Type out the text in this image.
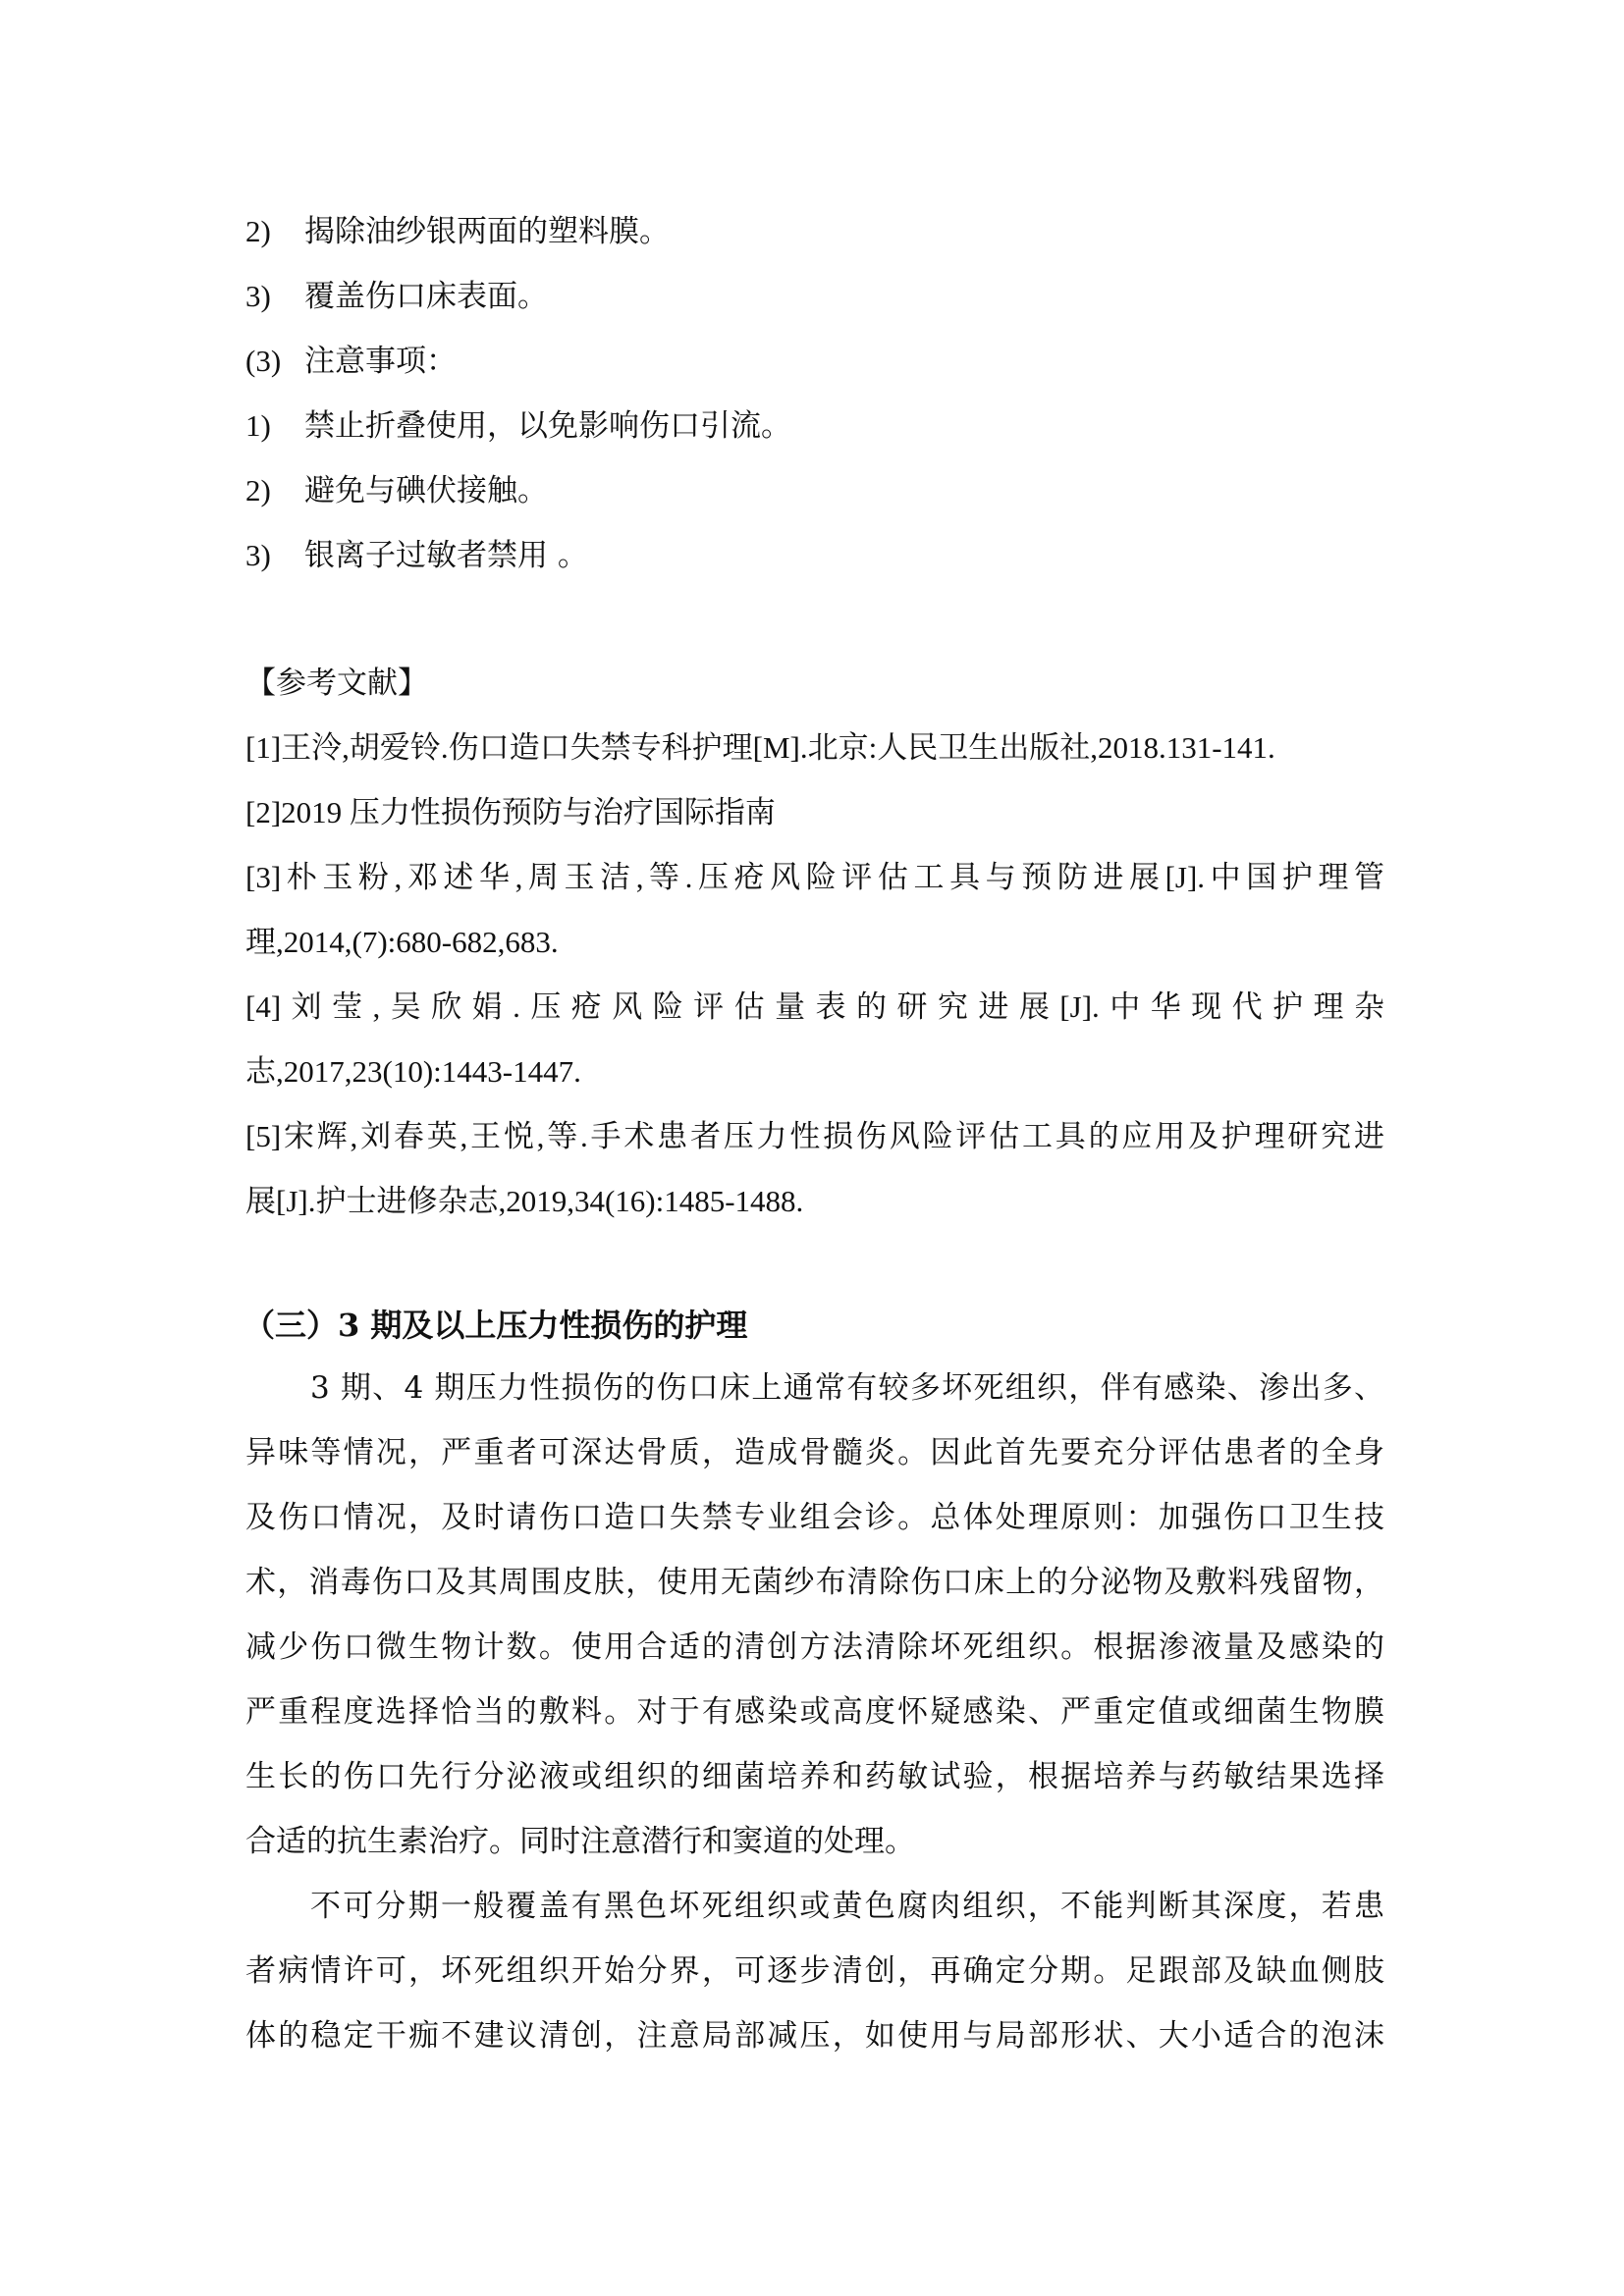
2)	揭除油纱银两面的塑料膜。
3)	覆盖伤口床表面。
(3) 注意事项：
1)	禁止折叠使用，以免影响伤口引流。
2)	避免与碘伏接触。
3)	银离子过敏者禁用 。
【参考文献】
[1]王泠,胡爱铃.伤口造口失禁专科护理[M].北京:人民卫生出版社,2018.131-141.
[2]2019 压力性损伤预防与治疗国际指南
[3]朴玉粉,邓述华,周玉洁,等.压疮风险评估工具与预防进展[J].中国护理管
理,2014,(7):680-682,683.
[4]刘莹,吴欣娟.压疮风险评估量表的研究进展[J].中华现代护理杂
志,2017,23(10):1443-1447.
[5]宋辉,刘春英,王悦,等.手术患者压力性损伤风险评估工具的应用及护理研究进
展[J].护士进修杂志,2019,34(16):1485-1488.
（三）3 期及以上压力性损伤的护理
3 期、4 期压力性损伤的伤口床上通常有较多坏死组织，伴有感染、渗出多、
异味等情况，严重者可深达骨质，造成骨髓炎。因此首先要充分评估患者的全身
及伤口情况，及时请伤口造口失禁专业组会诊。总体处理原则：加强伤口卫生技
术，消毒伤口及其周围皮肤，使用无菌纱布清除伤口床上的分泌物及敷料残留物，
减少伤口微生物计数。使用合适的清创方法清除坏死组织。根据渗液量及感染的
严重程度选择恰当的敷料。对于有感染或高度怀疑感染、严重定值或细菌生物膜
生长的伤口先行分泌液或组织的细菌培养和药敏试验，根据培养与药敏结果选择
合适的抗生素治疗。同时注意潜行和窦道的处理。
不可分期一般覆盖有黑色坏死组织或黄色腐肉组织，不能判断其深度，若患
者病情许可，坏死组织开始分界，可逐步清创，再确定分期。足跟部及缺血侧肢
体的稳定干痂不建议清创，注意局部减压，如使用与局部形状、大小适合的泡沫
